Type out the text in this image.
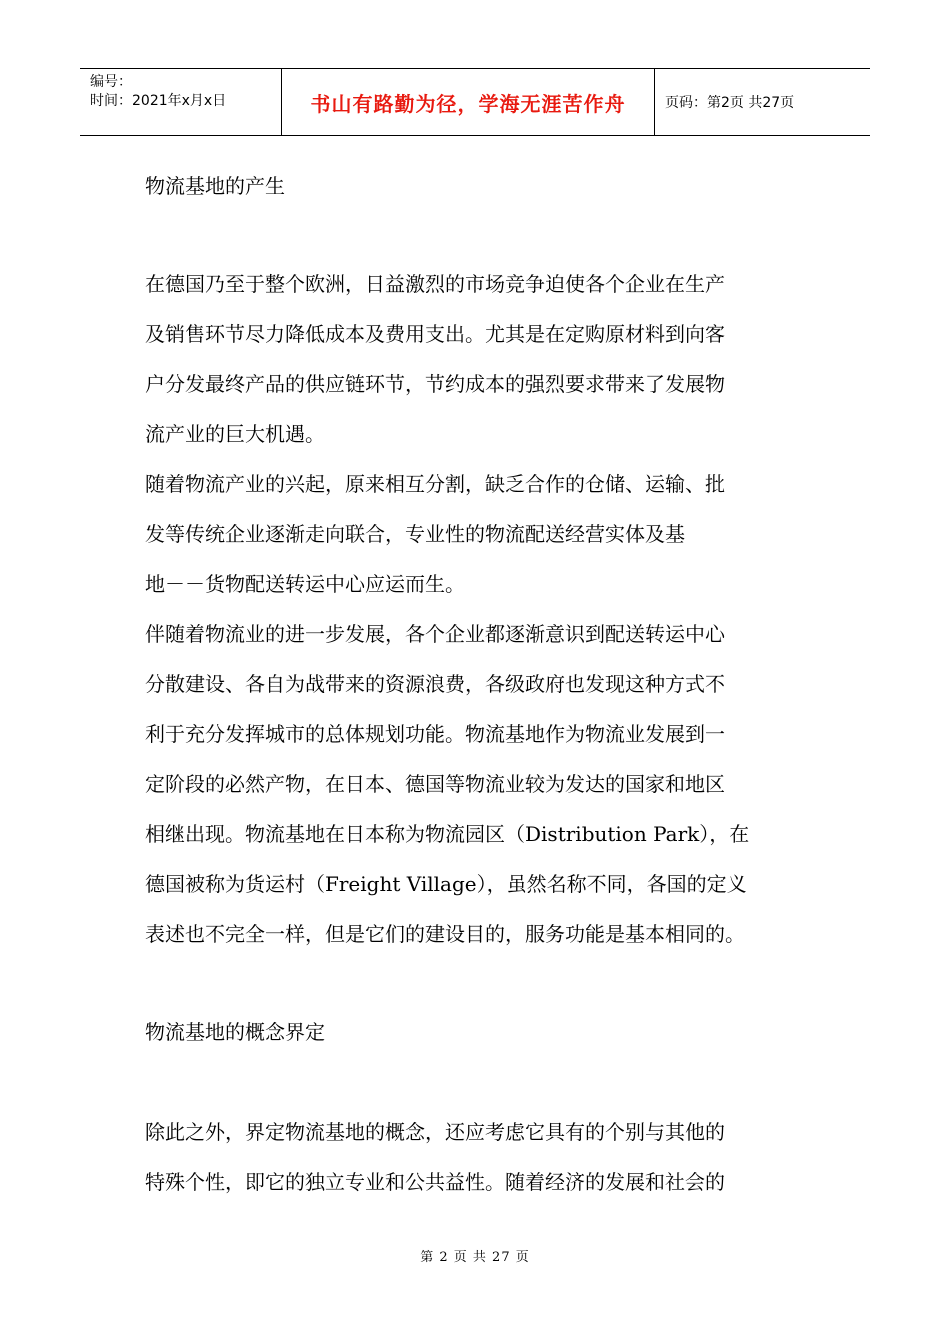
编号：
时间：2021年x月x日	书山有路勤为径，学海无涯苦作舟	页码：第2页 共27页
物流基地的产生
在德国乃至于整个欧洲，日益激烈的市场竞争迫使各个企业在生产
及销售环节尽力降低成本及费用支出。尤其是在定购原材料到向客
户分发最终产品的供应链环节，节约成本的强烈要求带来了发展物
流产业的巨大机遇。
随着物流产业的兴起，原来相互分割，缺乏合作的仓储、运输、批
发等传统企业逐渐走向联合，专业性的物流配送经营实体及基
地－－货物配送转运中心应运而生。
伴随着物流业的进一步发展，各个企业都逐渐意识到配送转运中心
分散建设、各自为战带来的资源浪费，各级政府也发现这种方式不
利于充分发挥城市的总体规划功能。物流基地作为物流业发展到一
定阶段的必然产物，在日本、德国等物流业较为发达的国家和地区
相继出现。物流基地在日本称为物流园区（Distribution Park），在
德国被称为货运村（Freight Village），虽然名称不同，各国的定义
表述也不完全一样，但是它们的建设目的，服务功能是基本相同的。
物流基地的概念界定
除此之外，界定物流基地的概念，还应考虑它具有的个别与其他的
特殊个性，即它的独立专业和公共益性。随着经济的发展和社会的
第 2 页 共 27 页
